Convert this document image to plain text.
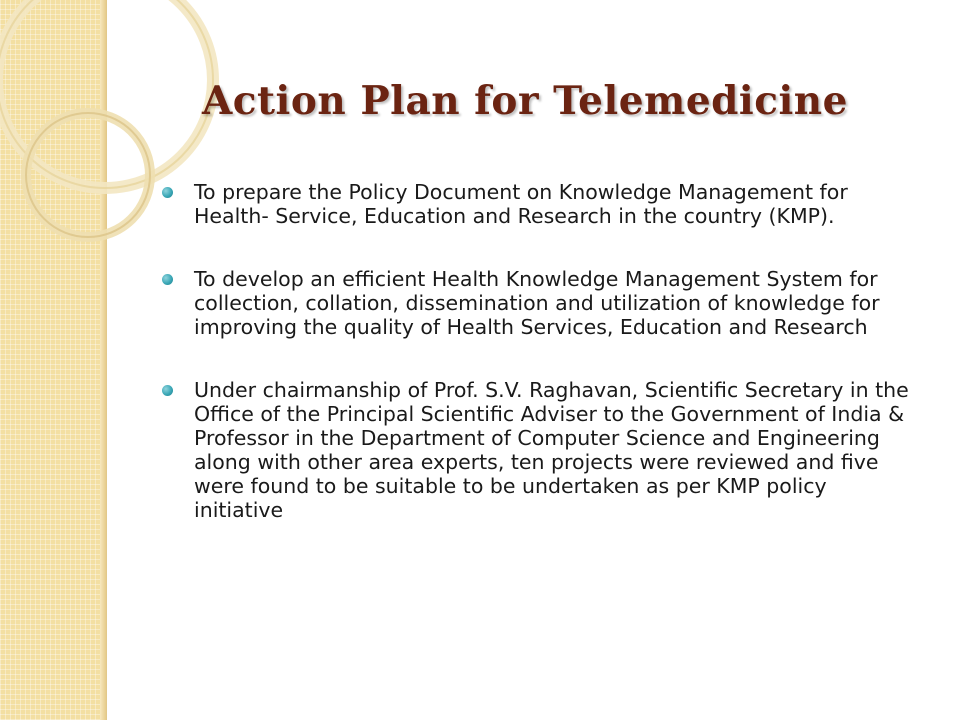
Action Plan for Telemedicine
To prepare the Policy Document on Knowledge Management for Health- Service, Education and Research in the country (KMP).
To develop an efficient Health Knowledge Management System for collection, collation, dissemination and utilization of knowledge for improving the quality of Health Services, Education and Research
Under chairmanship of Prof. S.V. Raghavan, Scientific Secretary in the Office of the Principal Scientific Adviser to the Government of India & Professor in the Department of Computer Science and Engineering along with other area experts, ten projects were reviewed and five were found to be suitable to be undertaken as per KMP policy initiative
